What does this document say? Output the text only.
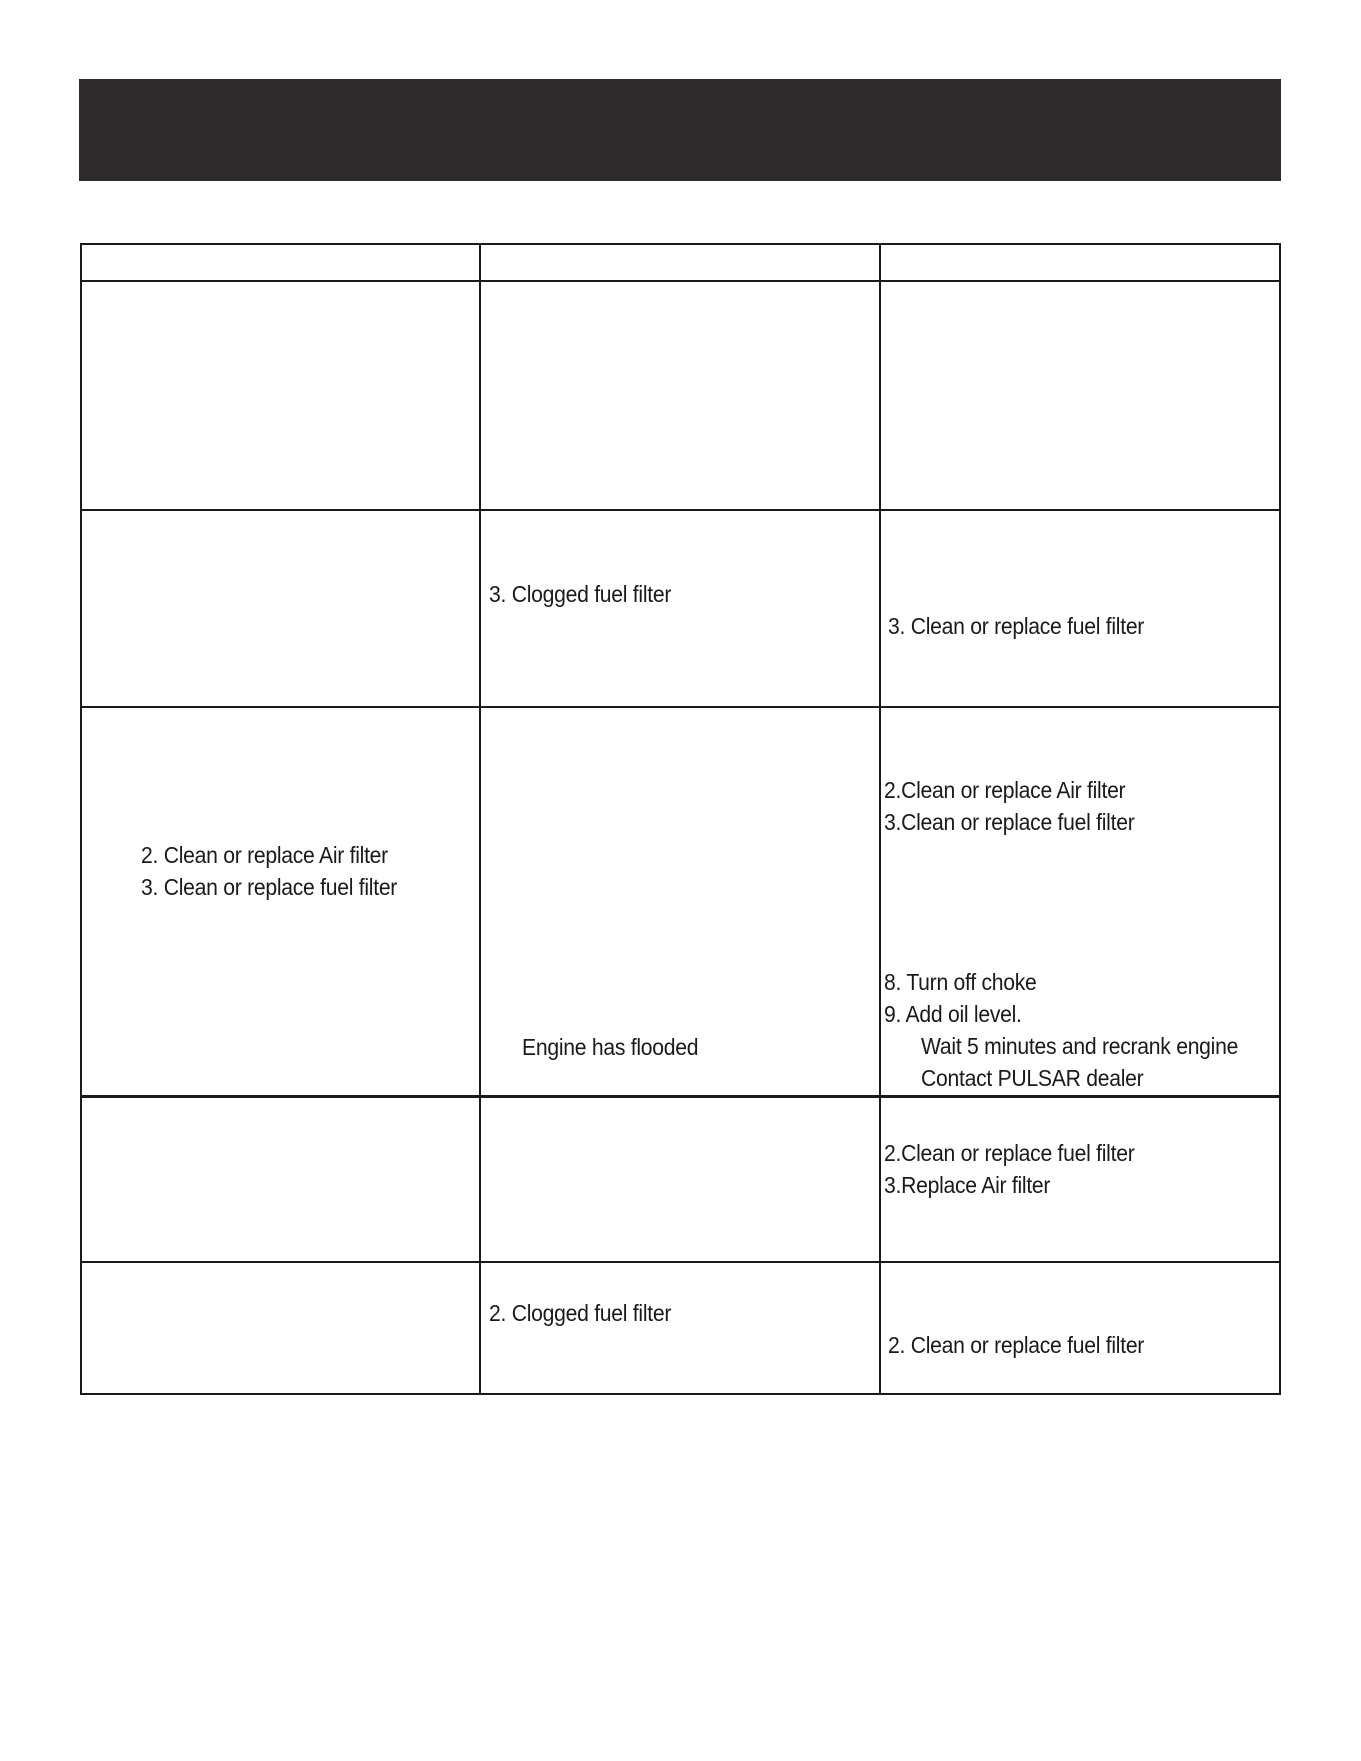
3. Clogged fuel filter
3. Clean or replace fuel filter
2. Clean or replace Air filter
3. Clean or replace fuel filter
Engine has flooded
2.Clean or replace Air filter
3.Clean or replace fuel filter
8. Turn off choke
9. Add oil level.
Wait 5 minutes and recrank engine
Contact PULSAR dealer
2.Clean or replace fuel filter
3.Replace Air filter
2. Clogged fuel filter
2. Clean or replace fuel filter
